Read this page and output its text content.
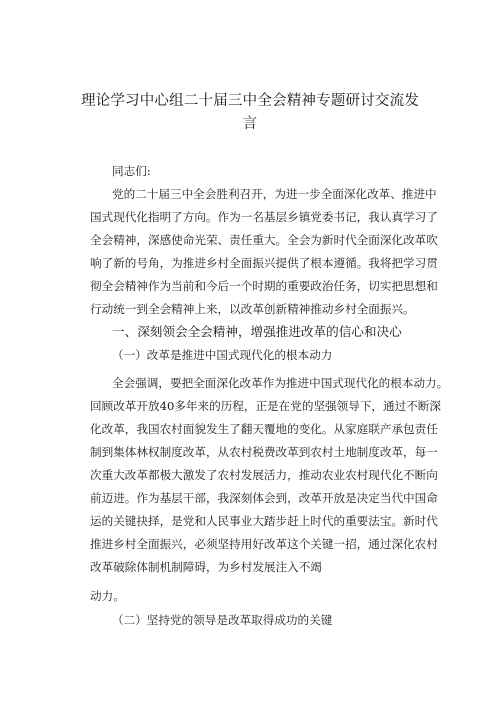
理论学习中心组二十届三中全会精神专题研讨交流发
言
同志们:
党的二十届三中全会胜利召开，为进一步全面深化改革、推进中
国式现代化指明了方向。作为一名基层乡镇党委书记，我认真学习了
全会精神，深感使命光荣、责任重大。全会为新时代全面深化改革吹
响了新的号角，为推进乡村全面振兴提供了根本遵循。我将把学习贯
彻全会精神作为当前和今后一个时期的重要政治任务，切实把思想和
行动统一到全会精神上来，以改革创新精神推动乡村全面振兴。
一、深刻领会全会精神，增强推进改革的信心和决心
（一）改革是推进中国式现代化的根本动力
全会强调，要把全面深化改革作为推进中国式现代化的根本动力。
回顾改革开放40多年来的历程，正是在党的坚强领导下，通过不断深
化改革，我国农村面貌发生了翻天覆地的变化。从家庭联产承包责任
制到集体林权制度改革，从农村税费改革到农村土地制度改革，每一
次重大改革都极大激发了农村发展活力，推动农业农村现代化不断向
前迈进。作为基层干部，我深刻体会到，改革开放是决定当代中国命
运的关键抉择，是党和人民事业大踏步赶上时代的重要法宝。新时代
推进乡村全面振兴，必须坚持用好改革这个关键一招，通过深化农村
改革破除体制机制障碍，为乡村发展注入不竭
动力。
（二）坚持党的领导是改革取得成功的关键
